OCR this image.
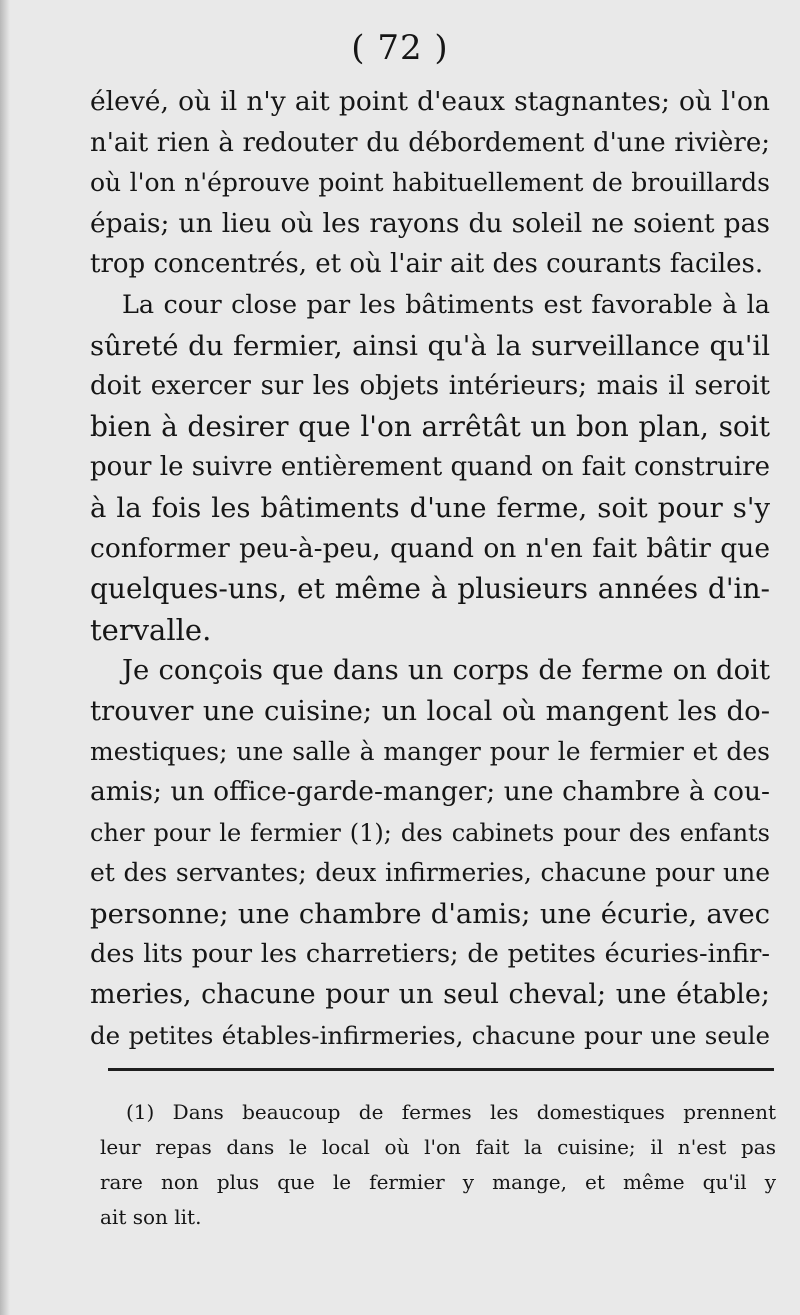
( 72 )
élevé, où il n'y ait point d'eaux stagnantes; où l'on
n'ait rien à redouter du débordement d'une rivière;
où l'on n'éprouve point habituellement de brouillards
épais; un lieu où les rayons du soleil ne soient pas
trop concentrés, et où l'air ait des courants faciles.
La cour close par les bâtiments est favorable à la
sûreté du fermier, ainsi qu'à la surveillance qu'il
doit exercer sur les objets intérieurs; mais il seroit
bien à desirer que l'on arrêtât un bon plan, soit
pour le suivre entièrement quand on fait construire
à la fois les bâtiments d'une ferme, soit pour s'y
conformer peu-à-peu, quand on n'en fait bâtir que
quelques-uns, et même à plusieurs années d'in-
tervalle.
Je conçois que dans un corps de ferme on doit
trouver une cuisine; un local où mangent les do-
mestiques; une salle à manger pour le fermier et des
amis; un office-garde-manger; une chambre à cou-
cher pour le fermier (1); des cabinets pour des enfants
et des servantes; deux infirmeries, chacune pour une
personne; une chambre d'amis; une écurie, avec
des lits pour les charretiers; de petites écuries-infir-
meries, chacune pour un seul cheval; une étable;
de petites étables-infirmeries, chacune pour une seule
(1) Dans beaucoup de fermes les domestiques prennent
leur repas dans le local où l'on fait la cuisine; il n'est pas
rare non plus que le fermier y mange, et même qu'il y
ait son lit.
